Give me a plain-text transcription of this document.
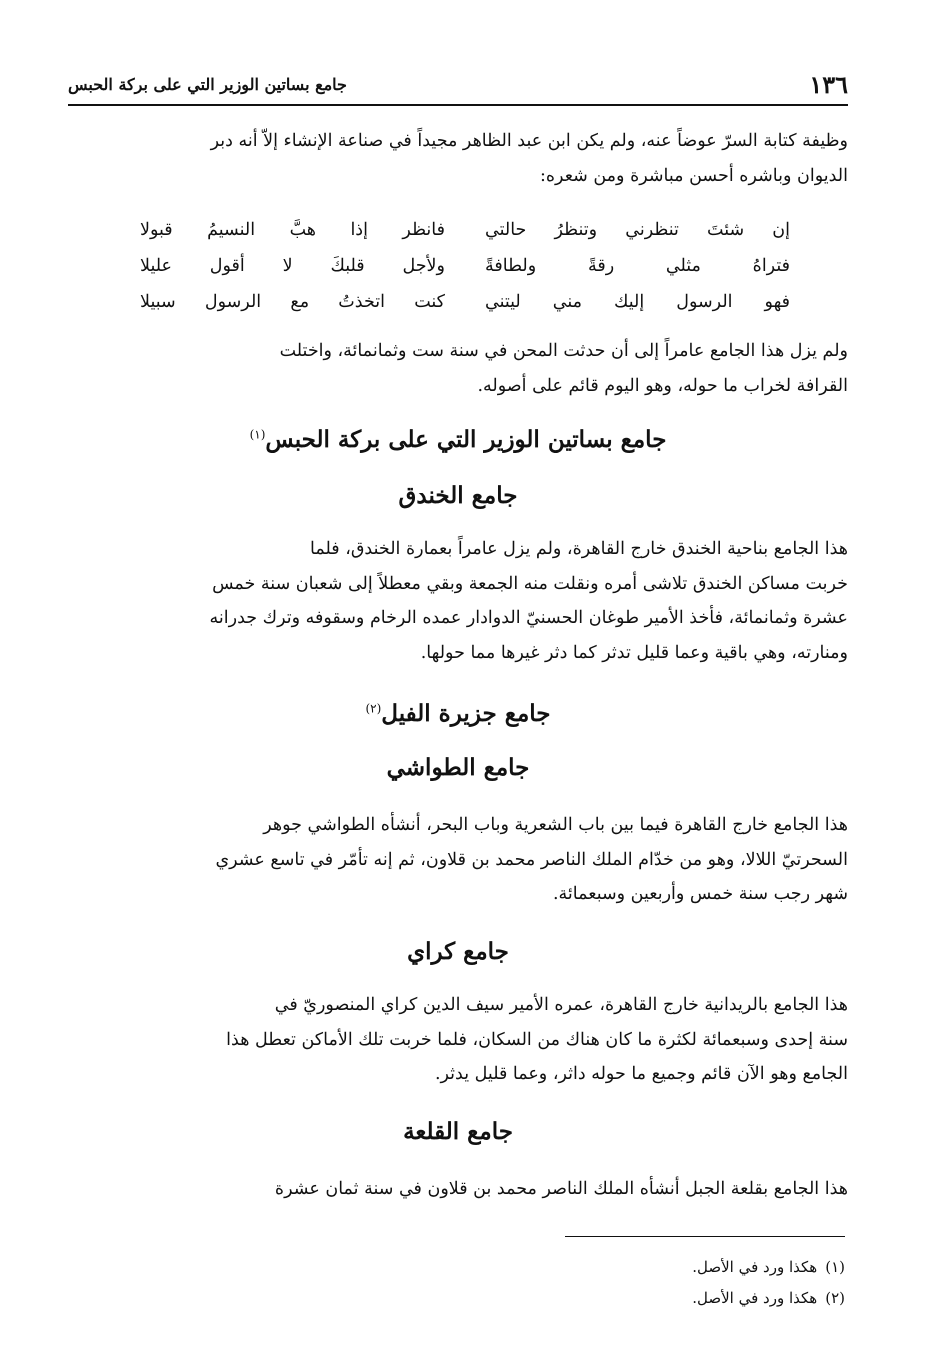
١٣٦
جامع بساتين الوزير التي على بركة الحبس
وظيفة كتابة السرّ عوضاً عنه، ولم يكن ابن عبد الظاهر مجيداً في صناعة الإنشاء إلاّ أنه دبر
الديوان وباشره أحسن مباشرة ومن شعره:
إن شئتَ تنظرني وتنظرُ حالتي
فانظر إذا هبَّ النسيمُ قبولا
فتراهُ مثلي رقةً ولطافةً
ولأجل قلبكَ لا أقول عليلا
فهو الرسول إليك مني ليتني
كنت اتخذتُ مع الرسول سبيلا
ولم يزل هذا الجامع عامراً إلى أن حدثت المحن في سنة ست وثمانمائة، واختلت
القرافة لخراب ما حوله، وهو اليوم قائم على أصوله.
جامع بساتين الوزير التي على بركة الحبس$^{(١)}$
جامع الخندق
هذا الجامع بناحية الخندق خارج القاهرة، ولم يزل عامراً بعمارة الخندق، فلما
خربت مساكن الخندق تلاشى أمره ونقلت منه الجمعة وبقي معطلاً إلى شعبان سنة خمس
عشرة وثمانمائة، فأخذ الأمير طوغان الحسنيّ الدوادار عمده الرخام وسقوفه وترك جدرانه
ومنارته، وهي باقية وعما قليل تدثر كما دثر غيرها مما حولها.
جامع جزيرة الفيل$^{(٢)}$
جامع الطواشي
هذا الجامع خارج القاهرة فيما بين باب الشعرية وباب البحر، أنشأه الطواشي جوهر
السحرتيّ اللالا، وهو من خدّام الملك الناصر محمد بن قلاون، ثم إنه تأمّر في تاسع عشري
شهر رجب سنة خمس وأربعين وسبعمائة.
جامع كراي
هذا الجامع بالريدانية خارج القاهرة، عمره الأمير سيف الدين كراي المنصوريّ في
سنة إحدى وسبعمائة لكثرة ما كان هناك من السكان، فلما خربت تلك الأماكن تعطل هذا
الجامع وهو الآن قائم وجميع ما حوله داثر، وعما قليل يدثر.
جامع القلعة
هذا الجامع بقلعة الجبل أنشأه الملك الناصر محمد بن قلاون في سنة ثمان عشرة
(١)
هكذا ورد في الأصل.
(٢)
هكذا ورد في الأصل.
